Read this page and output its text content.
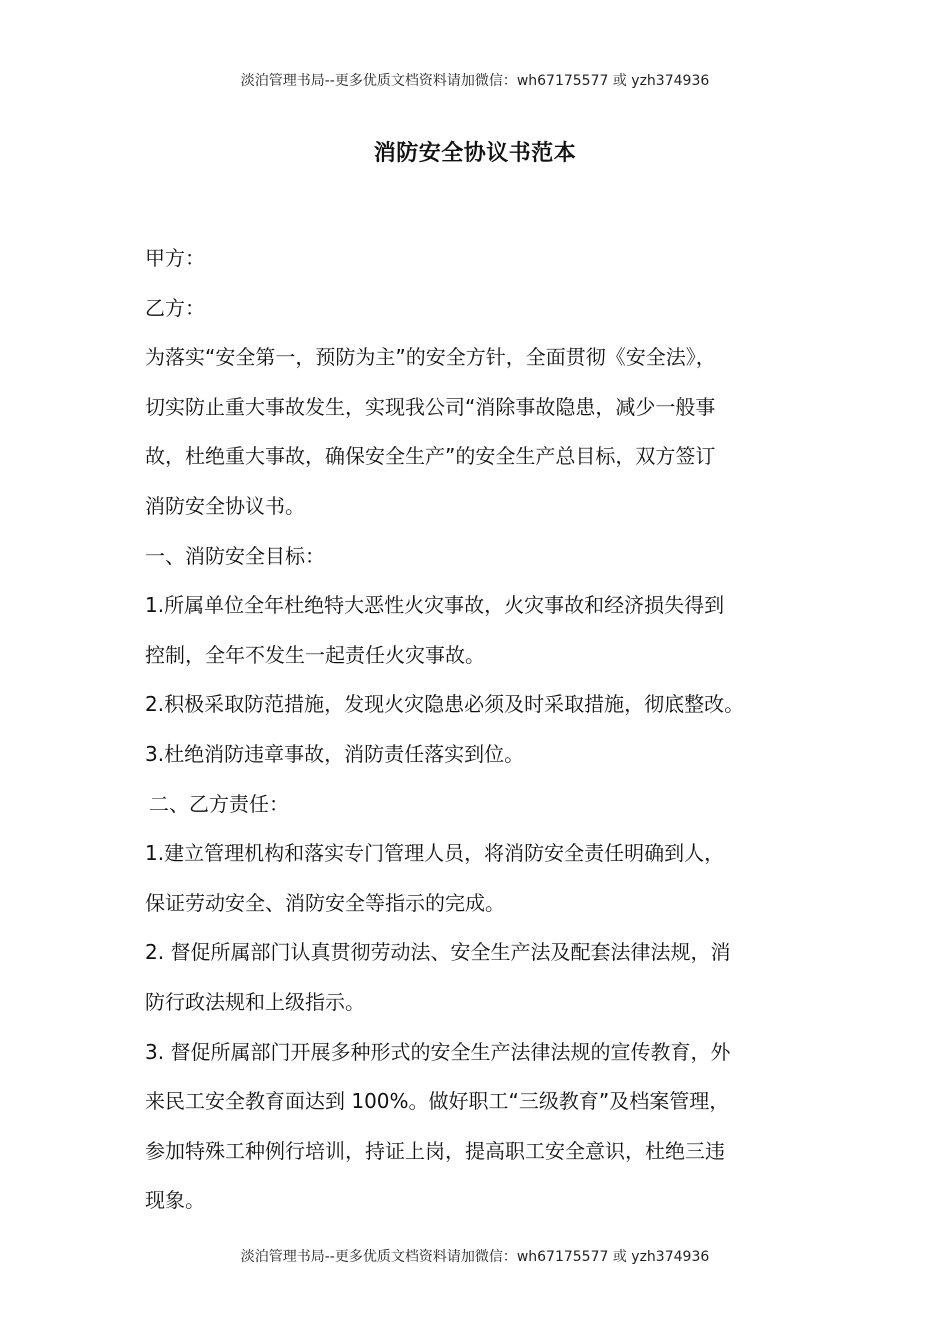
淡泊管理书局--更多优质文档资料请加微信：wh67175577 或 yzh374936
消防安全协议书范本
甲方：
乙方：
为落实“安全第一，预防为主”的安全方针，全面贯彻《安全法》，
切实防止重大事故发生，实现我公司“消除事故隐患，减少一般事
故，杜绝重大事故，确保安全生产”的安全生产总目标，双方签订
消防安全协议书。
一、消防安全目标：
1.所属单位全年杜绝特大恶性火灾事故，火灾事故和经济损失得到
控制，全年不发生一起责任火灾事故。
2.积极采取防范措施，发现火灾隐患必须及时采取措施，彻底整改。
3.杜绝消防违章事故，消防责任落实到位。
二、乙方责任：
1.建立管理机构和落实专门管理人员，将消防安全责任明确到人，
保证劳动安全、消防安全等指示的完成。
2. 督促所属部门认真贯彻劳动法、安全生产法及配套法律法规，消
防行政法规和上级指示。
3. 督促所属部门开展多种形式的安全生产法律法规的宣传教育，外
来民工安全教育面达到 100%。做好职工“三级教育”及档案管理，
参加特殊工种例行培训，持证上岗，提高职工安全意识，杜绝三违
现象。
淡泊管理书局--更多优质文档资料请加微信：wh67175577 或 yzh374936
